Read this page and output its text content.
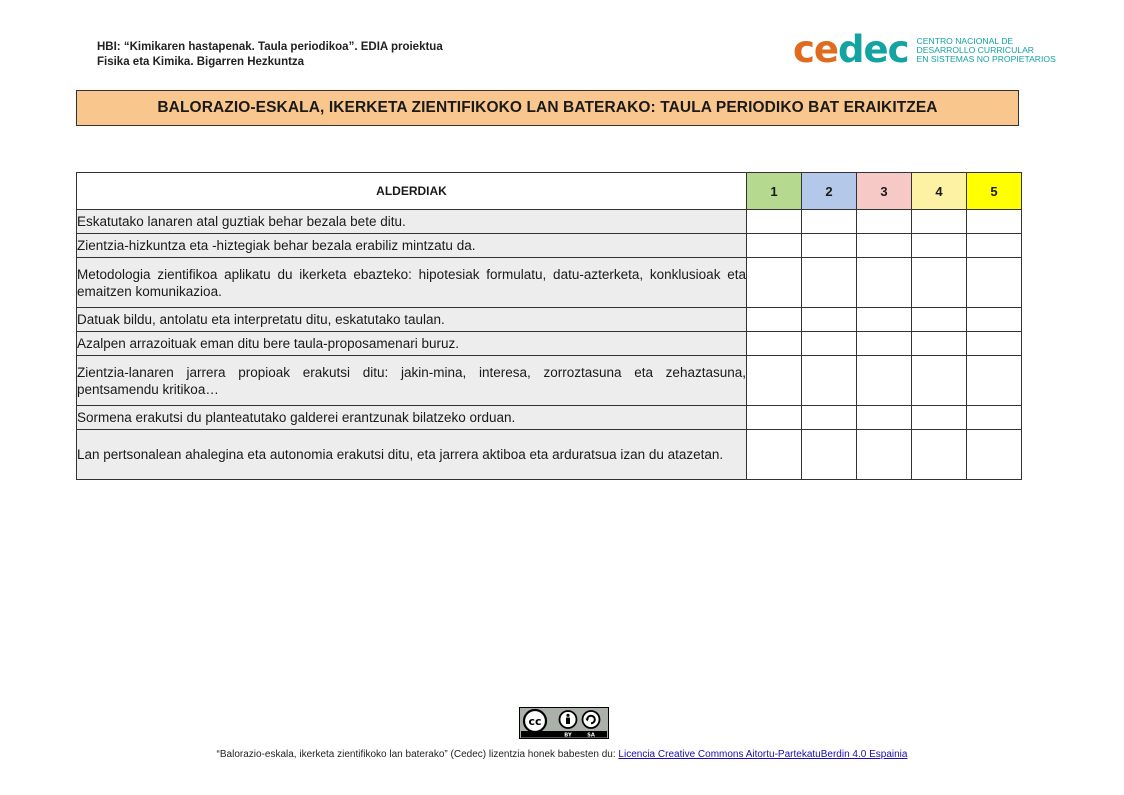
HBI: “Kimikaren hastapenak. Taula periodikoa”. EDIA proiektua
Fisika eta Kimika. Bigarren Hezkuntza	cedec CENTRO NACIONAL DE
DESARROLLO CURRICULAR
EN SISTEMAS NO PROPIETARIOS
BALORAZIO-ESKALA, IKERKETA ZIENTIFIKOKO LAN BATERAKO: TAULA PERIODIKO BAT ERAIKITZEA
ALDERDIAK	1	2	3	4	5
Eskatutako lanaren atal guztiak behar bezala bete ditu.					
Zientzia-hizkuntza eta -hiztegiak behar bezala erabiliz mintzatu da.					
Metodologia zientifikoa aplikatu du ikerketa ebazteko: hipotesiak formulatu, datu-azterketa, konklusioak eta emaitzen komunikazioa.					
Datuak bildu, antolatu eta interpretatu ditu, eskatutako taulan.					
Azalpen arrazoituak eman ditu bere taula-proposamenari buruz.					
Zientzia-lanaren jarrera propioak erakutsi ditu: jakin-mina, interesa, zorroztasuna eta zehaztasuna, pentsamendu kritikoa…					
Sormena erakutsi du planteatutako galderei erantzunak bilatzeko orduan.					
Lan pertsonalean ahalegina eta autonomia erakutsi ditu, eta jarrera aktiboa eta arduratsua izan du atazetan.					
cc
BY	SA
“Balorazio-eskala, ikerketa zientifikoko lan baterako” (Cedec) lizentzia honek babesten du: Licencia Creative Commons Aitortu-PartekatuBerdin 4.0 Espainia
